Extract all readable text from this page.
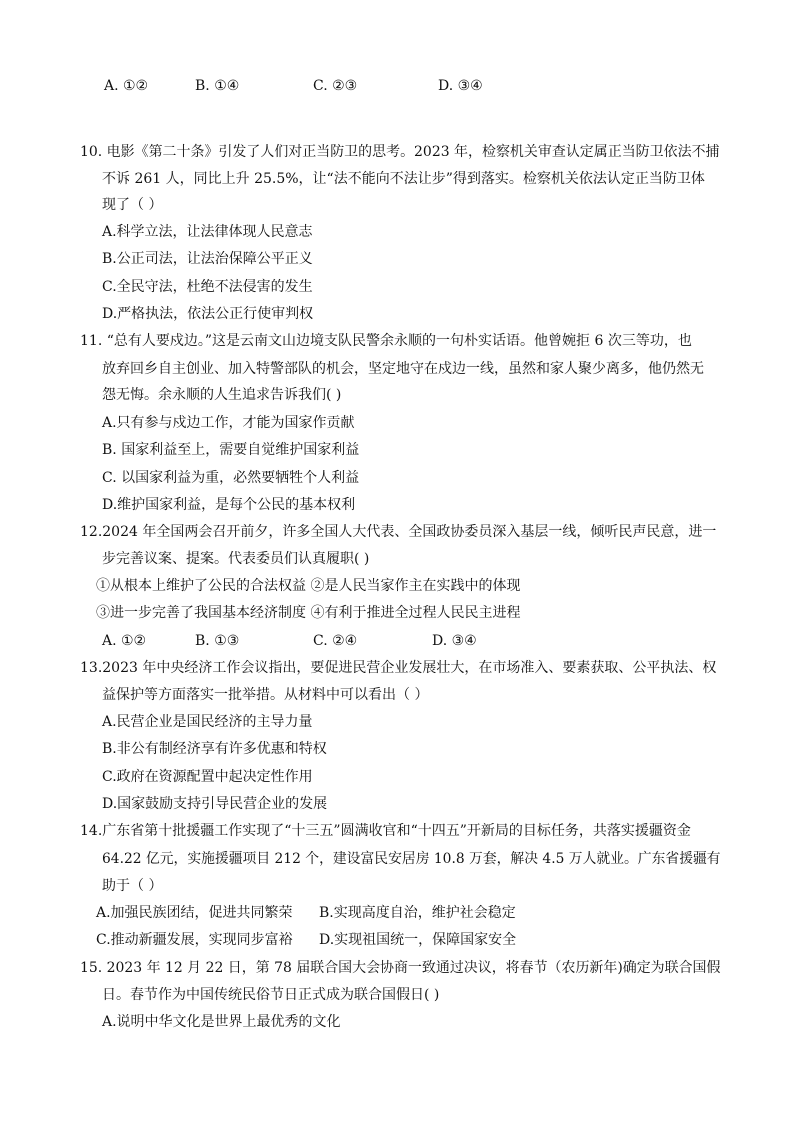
A. ①②	B. ①④	C. ②③	D. ③④
10. 电影《第二十条》引发了人们对正当防卫的思考。2023 年，检察机关审查认定属正当防卫依法不捕
不诉 261 人，同比上升 25.5%，让“法不能向不法让步”得到落实。检察机关依法认定正当防卫体
现了（ ）
A.科学立法，让法律体现人民意志
B.公正司法，让法治保障公平正义
C.全民守法，杜绝不法侵害的发生
D.严格执法，依法公正行使审判权
11. “总有人要戍边。”这是云南文山边境支队民警余永顺的一句朴实话语。他曾婉拒 6 次三等功，也
放弃回乡自主创业、加入特警部队的机会，坚定地守在戍边一线，虽然和家人聚少离多，他仍然无
怨无悔。余永顺的人生追求告诉我们( )
A.只有参与戍边工作，才能为国家作贡献
B. 国家利益至上，需要自觉维护国家利益
C. 以国家利益为重，必然要牺牲个人利益
D.维护国家利益，是每个公民的基本权利
12.2024 年全国两会召开前夕，许多全国人大代表、全国政协委员深入基层一线，倾听民声民意，进一
步完善议案、提案。代表委员们认真履职( )
①从根本上维护了公民的合法权益 ②是人民当家作主在实践中的体现
③进一步完善了我国基本经济制度 ④有利于推进全过程人民民主进程
A. ①②	B. ①③	C. ②④	D. ③④
13.2023 年中央经济工作会议指出，要促进民营企业发展壮大，在市场准入、要素获取、公平执法、权
益保护等方面落实一批举措。从材料中可以看出（ ）
A.民营企业是国民经济的主导力量
B.非公有制经济享有许多优惠和特权
C.政府在资源配置中起决定性作用
D.国家鼓励支持引导民营企业的发展
14.广东省第十批援疆工作实现了“十三五”圆满收官和“十四五”开新局的目标任务，共落实援疆资金
64.22 亿元，实施援疆项目 212 个，建设富民安居房 10.8 万套，解决 4.5 万人就业。广东省援疆有
助于（ ）
A.加强民族团结，促进共同繁荣 B.实现高度自治，维护社会稳定
C.推动新疆发展，实现同步富裕 D.实现祖国统一，保障国家安全
15. 2023 年 12 月 22 日，第 78 届联合国大会协商一致通过决议，将春节（农历新年)确定为联合国假
日。春节作为中国传统民俗节日正式成为联合国假日( )
A.说明中华文化是世界上最优秀的文化
